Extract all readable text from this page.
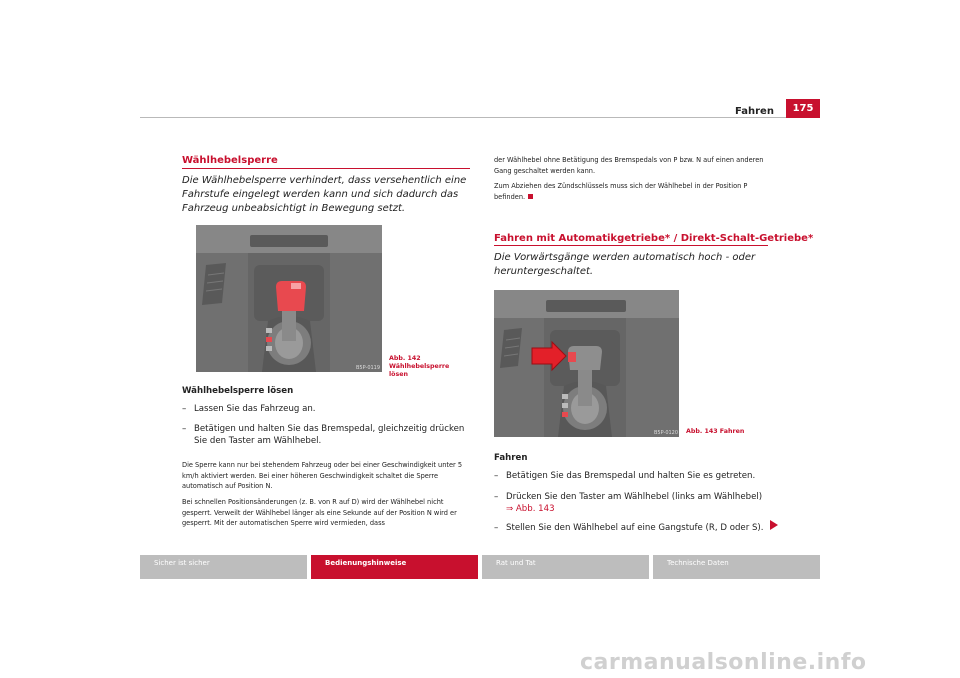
Fahren	175
Wählhebelsperre
Die Wählhebelsperre verhindert, dass versehentlich eine Fahrstufe eingelegt werden kann und sich dadurch das Fahrzeug unbeabsichtigt in Bewegung setzt.
B5P-0119
Abb. 142 Wählhebelsperre lösen
Wählhebelsperre lösen
– Lassen Sie das Fahrzeug an.
– Betätigen und halten Sie das Bremspedal, gleichzeitig drücken Sie den Taster am Wählhebel.
Die Sperre kann nur bei stehendem Fahrzeug oder bei einer Geschwindigkeit unter 5 km/h aktiviert werden. Bei einer höheren Geschwindigkeit schaltet die Sperre automatisch auf Position N.
Bei schnellen Positionsänderungen (z. B. von R auf D) wird der Wählhebel nicht gesperrt. Verweilt der Wählhebel länger als eine Sekunde auf der Position N wird er gesperrt. Mit der automatischen Sperre wird vermieden, dass
der Wählhebel ohne Betätigung des Bremspedals von P bzw. N auf einen anderen Gang geschaltet werden kann.
Zum Abziehen des Zündschlüssels muss sich der Wählhebel in der Position P befinden.
Fahren mit Automatikgetriebe* / Direkt-Schalt-Getriebe*
Die Vorwärtsgänge werden automatisch hoch - oder heruntergeschaltet.
B5P-0120 Abb. 143 Fahren
Fahren
– Betätigen Sie das Bremspedal und halten Sie es getreten.
– Drücken Sie den Taster am Wählhebel (links am Wählhebel)
⇒ Abb. 143
– Stellen Sie den Wählhebel auf eine Gangstufe (R, D oder S).
Sicher ist sicher	Bedienungshinweise	Rat und Tat	Technische Daten
carmanualsonline.info
